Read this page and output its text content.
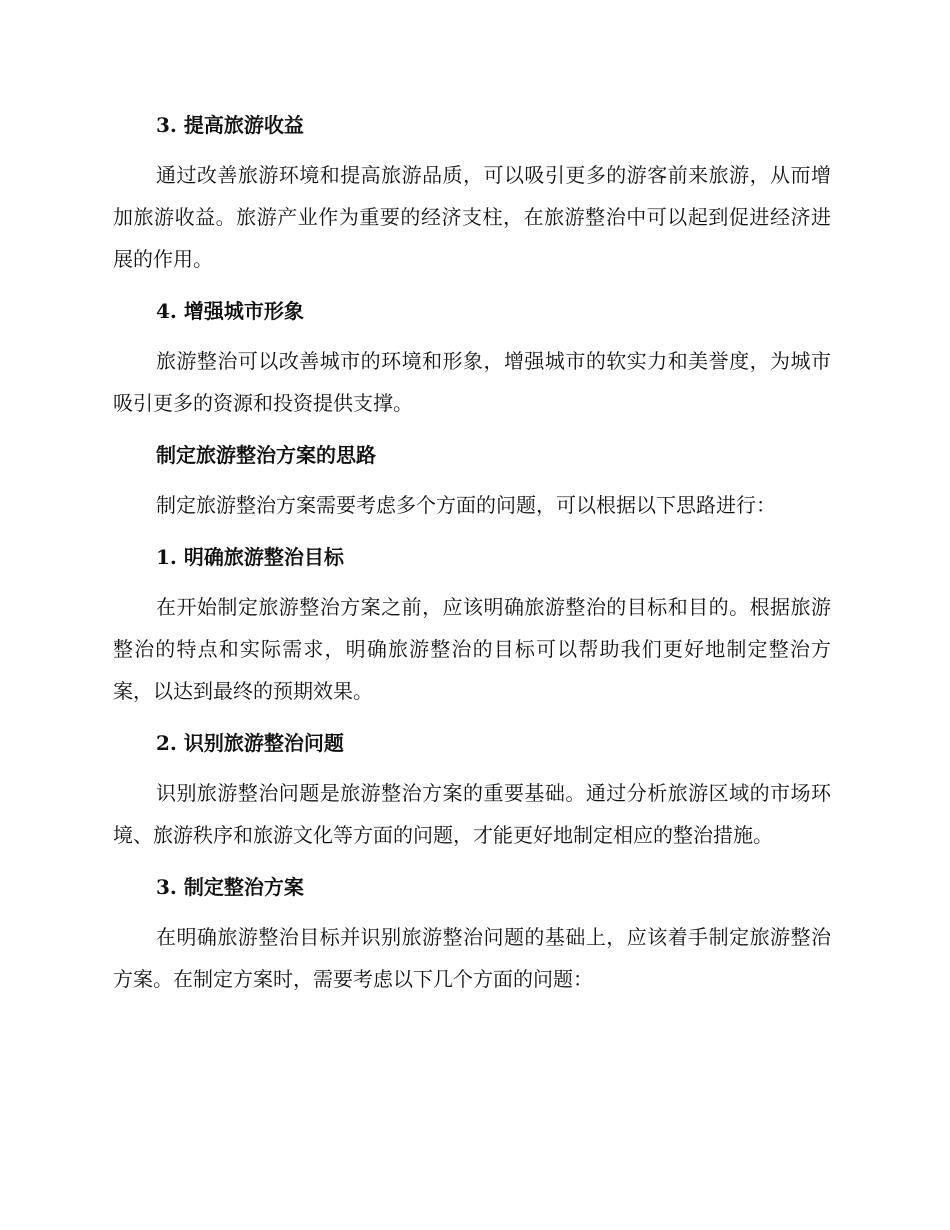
3. 提高旅游收益

通过改善旅游环境和提高旅游品质，可以吸引更多的游客前来旅游，从而增加旅游收益。旅游产业作为重要的经济支柱，在旅游整治中可以起到促进经济进展的作用。

4. 增强城市形象

旅游整治可以改善城市的环境和形象，增强城市的软实力和美誉度，为城市吸引更多的资源和投资提供支撑。

制定旅游整治方案的思路

制定旅游整治方案需要考虑多个方面的问题，可以根据以下思路进行：

1. 明确旅游整治目标

在开始制定旅游整治方案之前，应该明确旅游整治的目标和目的。根据旅游整治的特点和实际需求，明确旅游整治的目标可以帮助我们更好地制定整治方案，以达到最终的预期效果。

2. 识别旅游整治问题

识别旅游整治问题是旅游整治方案的重要基础。通过分析旅游区域的市场环境、旅游秩序和旅游文化等方面的问题，才能更好地制定相应的整治措施。

3. 制定整治方案

在明确旅游整治目标并识别旅游整治问题的基础上，应该着手制定旅游整治方案。在制定方案时，需要考虑以下几个方面的问题：
